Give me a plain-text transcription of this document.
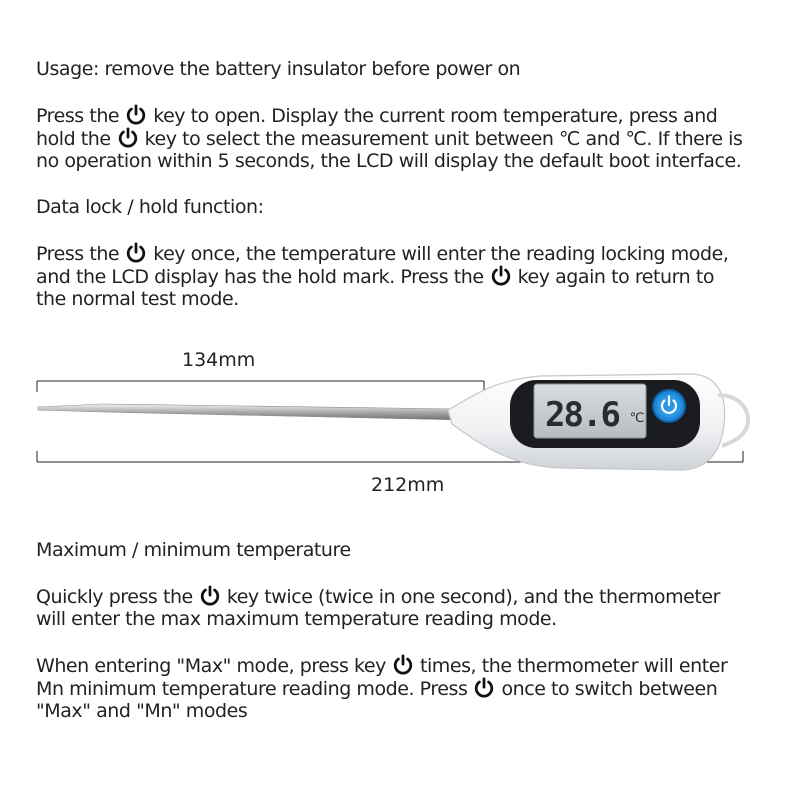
Usage: remove the battery insulator before power on
Press the key to open. Display the current room temperature, press and
hold the key to select the measurement unit between ℃ and ℃. If there is
no operation within 5 seconds, the LCD will display the default boot interface.
Data lock / hold function:
Press the key once, the temperature will enter the reading locking mode,
and the LCD display has the hold mark. Press the key again to return to
the normal test mode.
28.6 ℃
134mm
212mm
Maximum / minimum temperature
Quickly press the key twice (twice in one second), and the thermometer
will enter the max maximum temperature reading mode.
When entering "Max" mode, press key times, the thermometer will enter
Mn minimum temperature reading mode. Press once to switch between
"Max" and "Mn" modes
